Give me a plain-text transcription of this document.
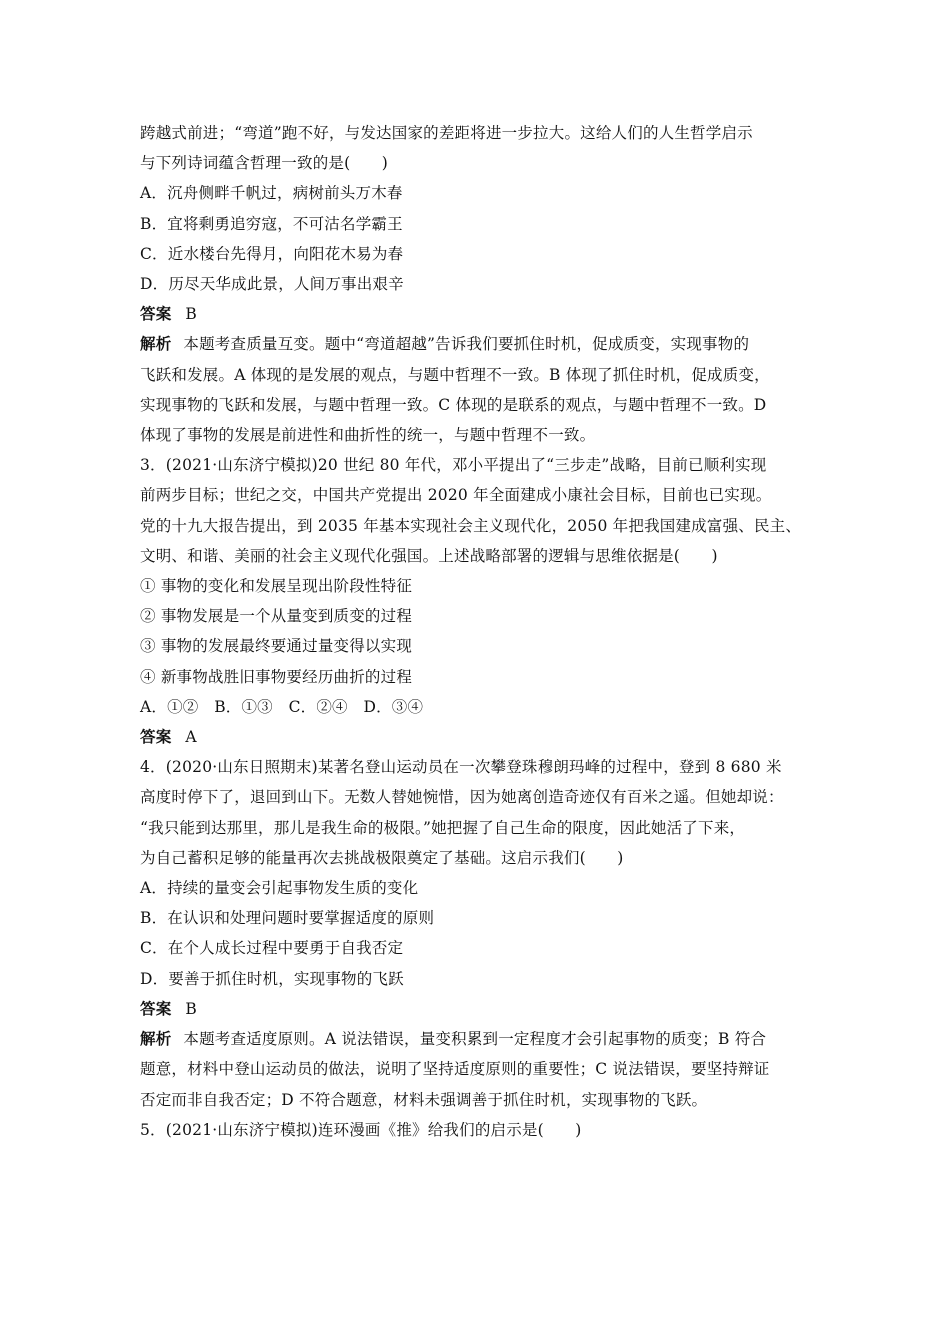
跨越式前进；“弯道”跑不好，与发达国家的差距将进一步拉大。这给人们的人生哲学启示
与下列诗词蕴含哲理一致的是(　　)
A．沉舟侧畔千帆过，病树前头万木春
B．宜将剩勇追穷寇，不可沽名学霸王
C．近水楼台先得月，向阳花木易为春
D．历尽天华成此景，人间万事出艰辛
答案 B
解析 本题考查质量互变。题中“弯道超越”告诉我们要抓住时机，促成质变，实现事物的
飞跃和发展。A 体现的是发展的观点，与题中哲理不一致。B 体现了抓住时机，促成质变，
实现事物的飞跃和发展，与题中哲理一致。C 体现的是联系的观点，与题中哲理不一致。D
体现了事物的发展是前进性和曲折性的统一，与题中哲理不一致。
3．(2021·山东济宁模拟)20 世纪 80 年代，邓小平提出了“三步走”战略，目前已顺利实现
前两步目标；世纪之交，中国共产党提出 2020 年全面建成小康社会目标，目前也已实现。
党的十九大报告提出，到 2035 年基本实现社会主义现代化，2050 年把我国建成富强、民主、
文明、和谐、美丽的社会主义现代化强国。上述战略部署的逻辑与思维依据是(　　)
① 事物的变化和发展呈现出阶段性特征
② 事物发展是一个从量变到质变的过程
③ 事物的发展最终要通过量变得以实现
④ 新事物战胜旧事物要经历曲折的过程
A．①②　B．①③　C．②④　D．③④
答案 A
4．(2020·山东日照期末)某著名登山运动员在一次攀登珠穆朗玛峰的过程中，登到 8 680 米
高度时停下了，退回到山下。无数人替她惋惜，因为她离创造奇迹仅有百米之遥。但她却说：
“我只能到达那里，那儿是我生命的极限。”她把握了自己生命的限度，因此她活了下来，
为自己蓄积足够的能量再次去挑战极限奠定了基础。这启示我们(　　)
A．持续的量变会引起事物发生质的变化
B．在认识和处理问题时要掌握适度的原则
C．在个人成长过程中要勇于自我否定
D．要善于抓住时机，实现事物的飞跃
答案 B
解析 本题考查适度原则。A 说法错误，量变积累到一定程度才会引起事物的质变；B 符合
题意，材料中登山运动员的做法，说明了坚持适度原则的重要性；C 说法错误，要坚持辩证
否定而非自我否定；D 不符合题意，材料未强调善于抓住时机，实现事物的飞跃。
5．(2021·山东济宁模拟)连环漫画《推》给我们的启示是(　　)
